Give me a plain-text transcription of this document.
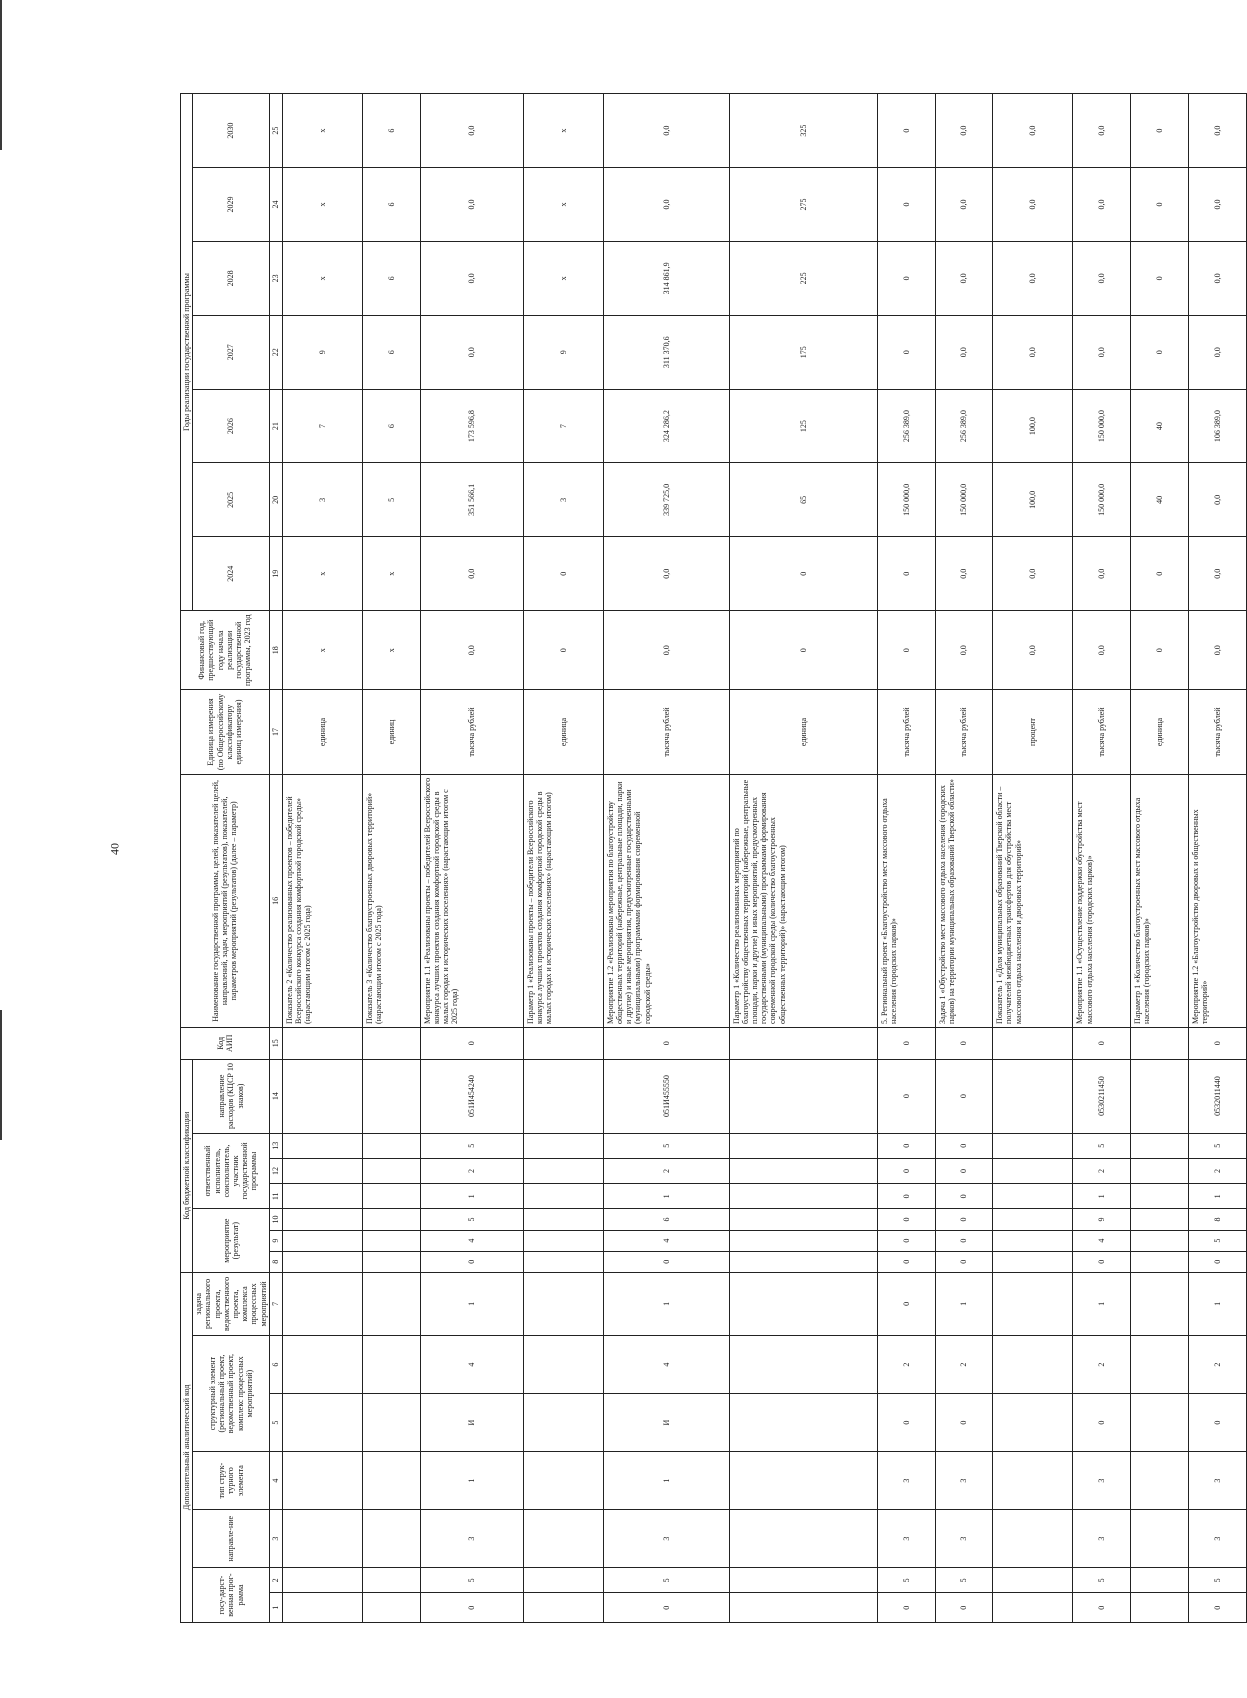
40
Дополнительный аналитический код							Код бюджетной классификации							Код АИП	Наименование государственной программы, целей, показателей целей, направлений, задач, мероприятий (результатов), показателей, параметров мероприятий (результатов) (далее – параметр)	Единица измерения (по Общероссийскому классификатору единиц измерения)	Финансовый год, предшествующий году начала реализации государственной программы, 2023 год	Годы реализации государственной программы						
госу-дарст-венная прог-рамма		направле-ние	тип струк-турного элемента	структурный элемент (региональный проект, ведомственный проект, комплекс процессных мероприятий)		задача регионального проекта, ведомственного проекта, комплекса процессных мероприятий	мероприятие (результат)			ответственный исполнитель, соисполнитель, участник государственной программы			направление расходов (КЦСР 10 знаков)					2024	2025	2026	2027	2028	2029	2030

1	2	3	4	5	6	7	8	9	10	11	12	13	14	15	16	17	18	19	20	21	22	23	24	25
															Показатель 2 «Количество реализованных проектов – победителей Всероссийского конкурса создания комфортной городской среды» (нарастающим итогом с 2025 года)	единица	x	x	3	7	9	x	x	x
															Показатель 3 «Количество благоустроенных дворовых территорий» (нарастающим итогом с 2025 года)	единиц	x	x	5	6	6	6	6	6
0	5	3	1	И	4	1	0	4	5	1	2	5	051И454240	0	Мероприятие 1.1 «Реализованы проекты – победителей Всероссийского конкурса лучших проектов создания комфортной городской среды в малых городах и исторических поселениях» (нарастающим итогом с 2025 года)	тысяча рублей	0,0	0,0	351 566,1	173 596,8	0,0	0,0	0,0	0,0
															Параметр 1 «Реализованы проекты – победители Всероссийского конкурса лучших проектов создания комфортной городской среды в малых городах и исторических поселениях» (нарастающим итогом)	единица	0	0	3	7	9	x	x	x
0	5	3	1	И	4	1	0	4	6	1	2	5	051И455550	0	Мероприятие 1.2 «Реализованы мероприятия по благоустройству общественных территорий (набережные, центральные площади, парки и другие) и иные мероприятия, предусмотренные государственными (муниципальными) программами формирования современной городской среды»	тысяча рублей	0,0	0,0	339 725,0	324 286,2	311 370,6	314 861,9	0,0	0,0
															Параметр 1 «Количество реализованных мероприятий по благоустройству общественных территорий (набережные, центральные площади, парки и другие) и иных мероприятий, предусмотренных государственными (муниципальными) программами формирования современной городской среды (количество благоустроенных общественных территорий)» (нарастающим итогом)	единица	0	0	65	125	175	225	275	325
0	5	3	3	0	2	0	0	0	0	0	0	0	0	0	5. Региональный проект «Благоустройство мест массового отдыха населения (городских парков)»	тысяча рублей	0	0	150 000,0	256 389,0	0	0	0	0
0	5	3	3	0	2	1	0	0	0	0	0	0	0	0	Задача 1 «Обустройство мест массового отдыха населения (городских парков) на территории муниципальных образований Тверской области»	тысяча рублей	0,0	0,0	150 000,0	256 389,0	0,0	0,0	0,0	0,0
															Показатель 1 «Доля муниципальных образований Тверской области – получателей межбюджетных трансфертов для обустройства мест массового отдыха населения и дворовых территорий»	процент	0,0	0,0	100,0	100,0	0,0	0,0	0,0	0,0
0	5	3	3	0	2	1	0	4	9	1	2	5	0530211450	0	Мероприятие 1.1 «Осуществление поддержки обустройства мест массового отдыха населения (городских парков)»	тысяча рублей	0,0	0,0	150 000,0	150 000,0	0,0	0,0	0,0	0,0
															Параметр 1 «Количество благоустроенных мест массового отдыха населения (городских парков)»	единица	0	0	40	40	0	0	0	0
0	5	3	3	0	2	1	0	5	8	1	2	5	0532011440	0	Мероприятие 1.2 «Благоустройство дворовых и общественных территорий»	тысяча рублей	0,0	0,0	0,0	106 389,0	0,0	0,0	0,0	0,0
